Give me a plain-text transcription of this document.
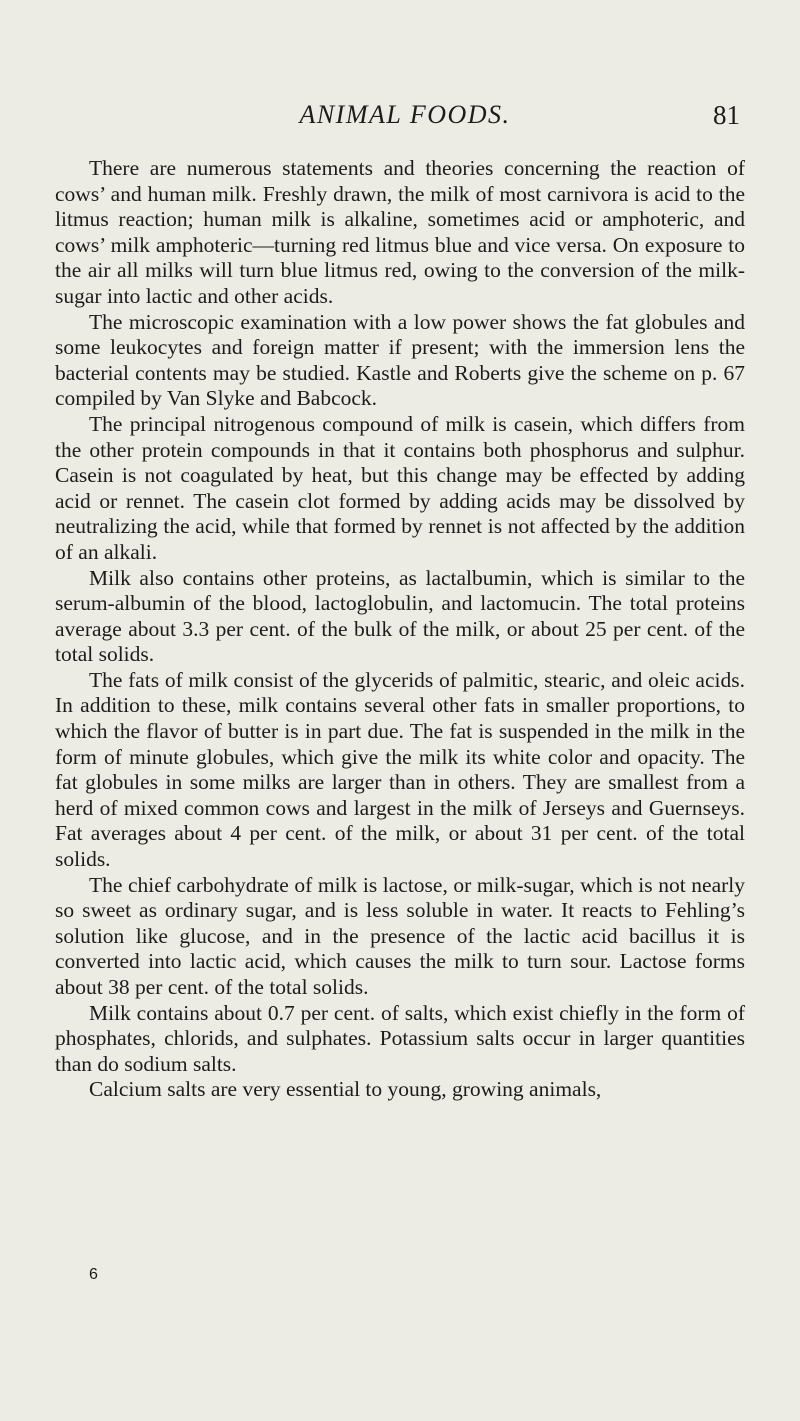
ANIMAL FOODS.	81

There are numerous statements and theories concerning the reaction of cows’ and human milk. Freshly drawn, the milk of most carnivora is acid to the litmus reaction; human milk is alkaline, sometimes acid or amphoteric, and cows’ milk amphoteric—turning red litmus blue and vice versa. On exposure to the air all milks will turn blue litmus red, owing to the conversion of the milk-sugar into lactic and other acids.

The microscopic examination with a low power shows the fat globules and some leukocytes and foreign matter if present; with the immersion lens the bacterial contents may be studied. Kastle and Roberts give the scheme on p. 67 compiled by Van Slyke and Babcock.

The principal nitrogenous compound of milk is casein, which differs from the other protein compounds in that it contains both phosphorus and sulphur. Casein is not coagulated by heat, but this change may be effected by adding acid or rennet. The casein clot formed by adding acids may be dissolved by neutralizing the acid, while that formed by rennet is not affected by the addition of an alkali.

Milk also contains other proteins, as lactalbumin, which is similar to the serum-albumin of the blood, lactoglobulin, and lactomucin. The total proteins average about 3.3 per cent. of the bulk of the milk, or about 25 per cent. of the total solids.

The fats of milk consist of the glycerids of palmitic, stearic, and oleic acids. In addition to these, milk contains several other fats in smaller proportions, to which the flavor of butter is in part due. The fat is suspended in the milk in the form of minute globules, which give the milk its white color and opacity. The fat globules in some milks are larger than in others. They are smallest from a herd of mixed common cows and largest in the milk of Jerseys and Guernseys. Fat averages about 4 per cent. of the milk, or about 31 per cent. of the total solids.

The chief carbohydrate of milk is lactose, or milk-sugar, which is not nearly so sweet as ordinary sugar, and is less soluble in water. It reacts to Fehling’s solution like glucose, and in the presence of the lactic acid bacillus it is converted into lactic acid, which causes the milk to turn sour. Lactose forms about 38 per cent. of the total solids.

Milk contains about 0.7 per cent. of salts, which exist chiefly in the form of phosphates, chlorids, and sulphates. Potassium salts occur in larger quantities than do sodium salts.

Calcium salts are very essential to young, growing animals,

6
